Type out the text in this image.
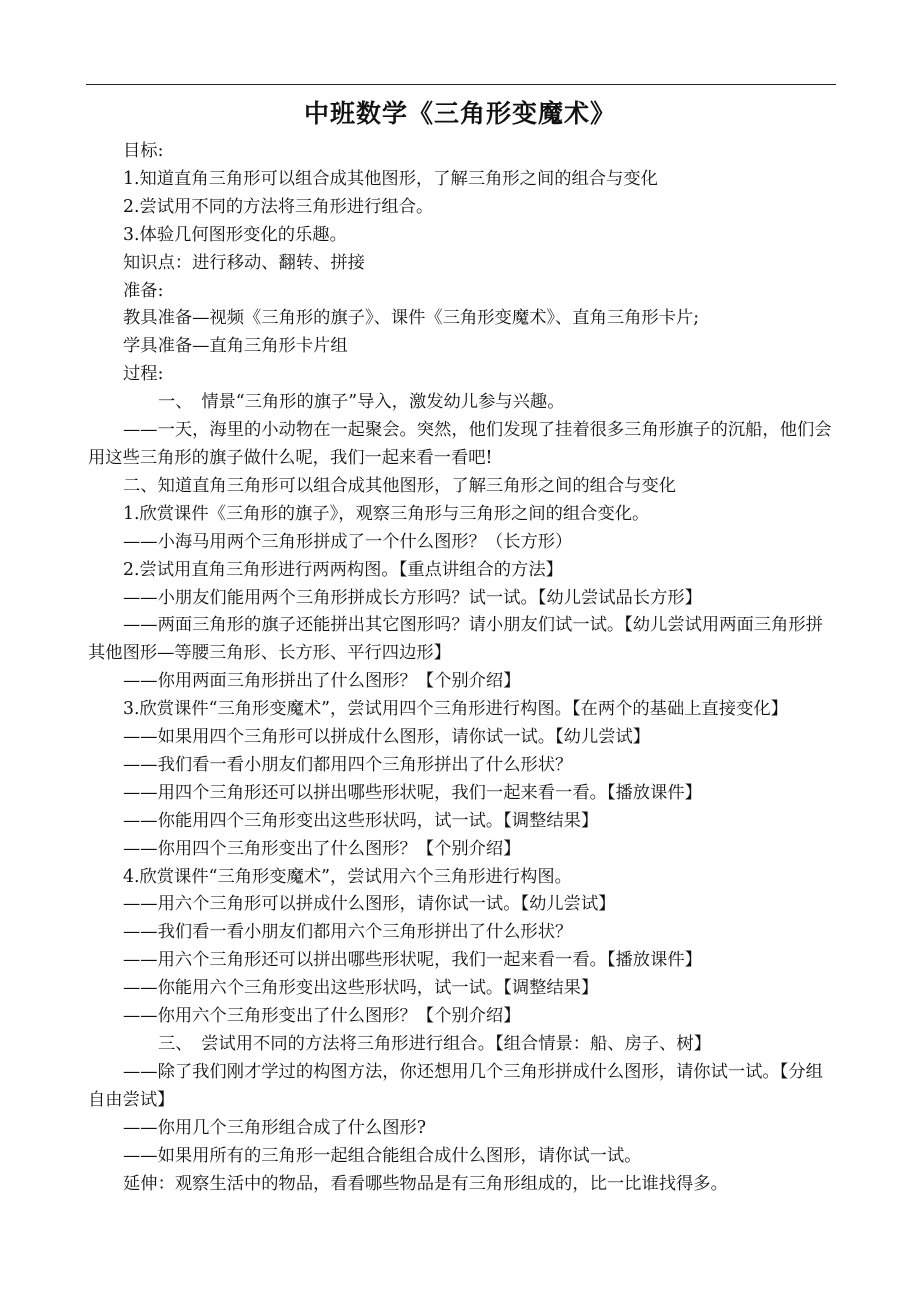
中班数学《三角形变魔术》

目标:

1.知道直角三角形可以组合成其他图形，了解三角形之间的组合与变化

2.尝试用不同的方法将三角形进行组合。

3.体验几何图形变化的乐趣。

知识点：进行移动、翻转、拼接

准备:

教具准备—视频《三角形的旗子》、课件《三角形变魔术》、直角三角形卡片;

学具准备—直角三角形卡片组

过程:

一、　情景“三角形的旗子”导入，激发幼儿参与兴趣。

——一天，海里的小动物在一起聚会。突然，他们发现了挂着很多三角形旗子的沉船，他们会用这些三角形的旗子做什么呢，我们一起来看一看吧!

二、知道直角三角形可以组合成其他图形，了解三角形之间的组合与变化

1.欣赏课件《三角形的旗子》，观察三角形与三角形之间的组合变化。

——小海马用两个三角形拼成了一个什么图形？（长方形）

2.尝试用直角三角形进行两两构图。【重点讲组合的方法】

——小朋友们能用两个三角形拼成长方形吗？试一试。【幼儿尝试品长方形】

——两面三角形的旗子还能拼出其它图形吗？请小朋友们试一试。【幼儿尝试用两面三角形拼其他图形—等腰三角形、长方形、平行四边形】

——你用两面三角形拼出了什么图形？【个别介绍】

3.欣赏课件“三角形变魔术”，尝试用四个三角形进行构图。【在两个的基础上直接变化】

——如果用四个三角形可以拼成什么图形，请你试一试。【幼儿尝试】

——我们看一看小朋友们都用四个三角形拼出了什么形状？

——用四个三角形还可以拼出哪些形状呢，我们一起来看一看。【播放课件】

——你能用四个三角形变出这些形状吗，试一试。【调整结果】

——你用四个三角形变出了什么图形？【个别介绍】

4.欣赏课件“三角形变魔术”，尝试用六个三角形进行构图。

——用六个三角形可以拼成什么图形，请你试一试。【幼儿尝试】

——我们看一看小朋友们都用六个三角形拼出了什么形状？

——用六个三角形还可以拼出哪些形状呢，我们一起来看一看。【播放课件】

——你能用六个三角形变出这些形状吗，试一试。【调整结果】

——你用六个三角形变出了什么图形？【个别介绍】

三、　尝试用不同的方法将三角形进行组合。【组合情景：船、房子、树】

——除了我们刚才学过的构图方法，你还想用几个三角形拼成什么图形，请你试一试。【分组自由尝试】

——你用几个三角形组合成了什么图形?

——如果用所有的三角形一起组合能组合成什么图形，请你试一试。

延伸：观察生活中的物品，看看哪些物品是有三角形组成的，比一比谁找得多。
